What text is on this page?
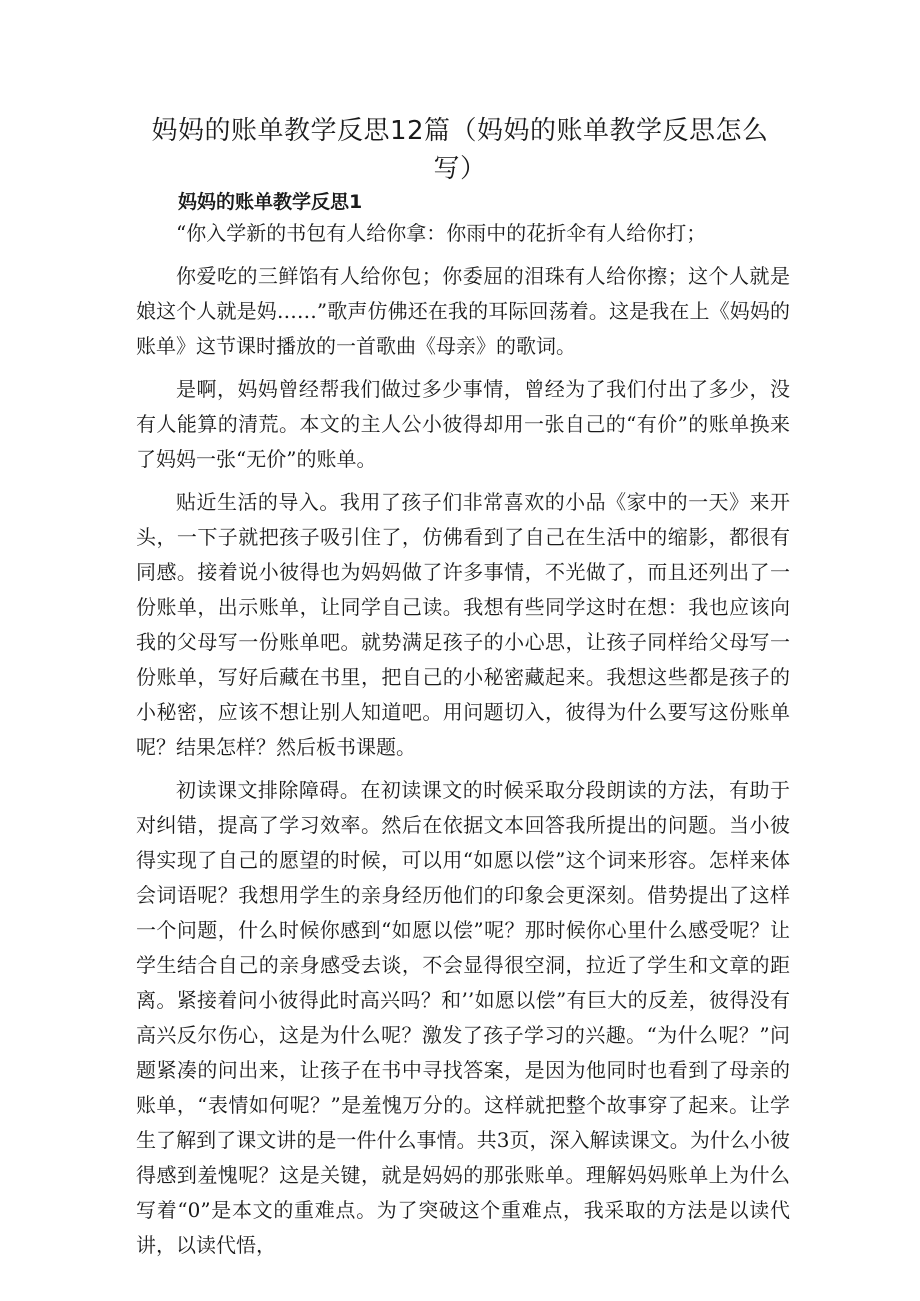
妈妈的账单教学反思12篇（妈妈的账单教学反思怎么写）
妈妈的账单教学反思1

“你入学新的书包有人给你拿：你雨中的花折伞有人给你打；

你爱吃的三鲜馅有人给你包；你委屈的泪珠有人给你擦；这个人就是娘这个人就是妈……”歌声仿佛还在我的耳际回荡着。这是我在上《妈妈的账单》这节课时播放的一首歌曲《母亲》的歌词。

是啊，妈妈曾经帮我们做过多少事情，曾经为了我们付出了多少，没有人能算的清荒。本文的主人公小彼得却用一张自己的“有价”的账单换来了妈妈一张“无价”的账单。

贴近生活的导入。我用了孩子们非常喜欢的小品《家中的一天》来开头，一下子就把孩子吸引住了，仿佛看到了自己在生活中的缩影，都很有同感。接着说小彼得也为妈妈做了许多事情，不光做了，而且还列出了一份账单，出示账单，让同学自己读。我想有些同学这时在想：我也应该向我的父母写一份账单吧。就势满足孩子的小心思，让孩子同样给父母写一份账单，写好后藏在书里，把自己的小秘密藏起来。我想这些都是孩子的小秘密，应该不想让别人知道吧。用问题切入，彼得为什么要写这份账单呢？结果怎样？然后板书课题。

初读课文排除障碍。在初读课文的时候采取分段朗读的方法，有助于对纠错，提高了学习效率。然后在依据文本回答我所提出的问题。当小彼得实现了自己的愿望的时候，可以用“如愿以偿”这个词来形容。怎样来体会词语呢？我想用学生的亲身经历他们的印象会更深刻。借势提出了这样一个问题，什么时候你感到“如愿以偿”呢？那时候你心里什么感受呢？让学生结合自己的亲身感受去谈，不会显得很空洞，拉近了学生和文章的距离。紧接着问小彼得此时高兴吗？和’’如愿以偿”有巨大的反差，彼得没有高兴反尔伤心，这是为什么呢？激发了孩子学习的兴趣。“为什么呢？”问题紧凑的问出来，让孩子在书中寻找答案，是因为他同时也看到了母亲的账单，“表情如何呢？”是羞愧万分的。这样就把整个故事穿了起来。让学生了解到了课文讲的是一件什么事情。共3页，深入解读课文。为什么小彼得感到羞愧呢？这是关键，就是妈妈的那张账单。理解妈妈账单上为什么写着“0”是本文的重难点。为了突破这个重难点，我采取的方法是以读代讲，以读代悟，
